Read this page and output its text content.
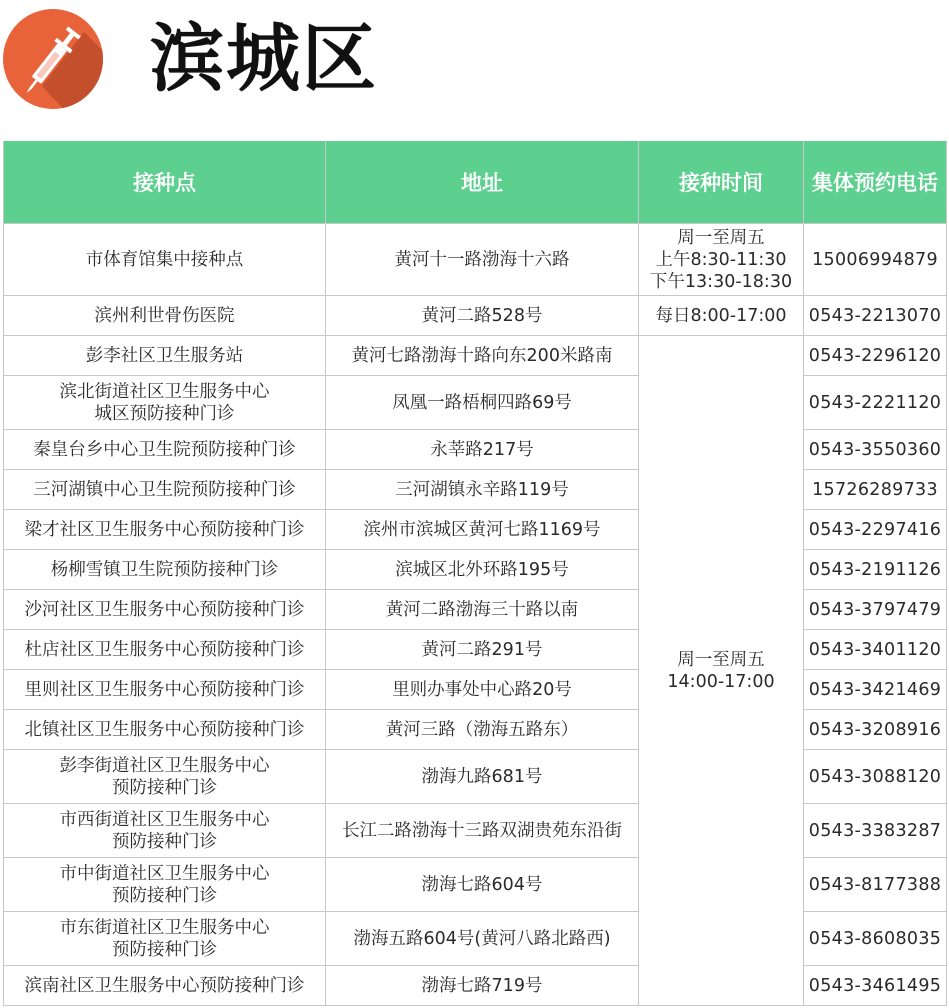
滨城区
接种点	地址	接种时间	集体预约电话

市体育馆集中接种点	黄河十一路渤海十六路	周一至周五
上午8:30-11:30
下午13:30-18:30	15006994879

滨州利世骨伤医院	黄河二路528号	每日8:00-17:00	0543-2213070

彭李社区卫生服务站	黄河七路渤海十路向东200米路南	周一至周五
14:00-17:00	0543-2296120

滨北街道社区卫生服务中心
城区预防接种门诊	凤凰一路梧桐四路69号		0543-2221120

秦皇台乡中心卫生院预防接种门诊	永莘路217号		0543-3550360

三河湖镇中心卫生院预防接种门诊	三河湖镇永辛路119号		15726289733

梁才社区卫生服务中心预防接种门诊	滨州市滨城区黄河七路1169号		0543-2297416

杨柳雪镇卫生院预防接种门诊	滨城区北外环路195号		0543-2191126

沙河社区卫生服务中心预防接种门诊	黄河二路渤海三十路以南		0543-3797479

杜店社区卫生服务中心预防接种门诊	黄河二路291号		0543-3401120

里则社区卫生服务中心预防接种门诊	里则办事处中心路20号		0543-3421469

北镇社区卫生服务中心预防接种门诊	黄河三路（渤海五路东）		0543-3208916

彭李街道社区卫生服务中心
预防接种门诊	渤海九路681号		0543-3088120

市西街道社区卫生服务中心
预防接种门诊	长江二路渤海十三路双湖贵苑东沿街		0543-3383287

市中街道社区卫生服务中心
预防接种门诊	渤海七路604号		0543-8177388

市东街道社区卫生服务中心
预防接种门诊	渤海五路604号(黄河八路北路西)		0543-8608035

滨南社区卫生服务中心预防接种门诊	渤海七路719号		0543-3461495
